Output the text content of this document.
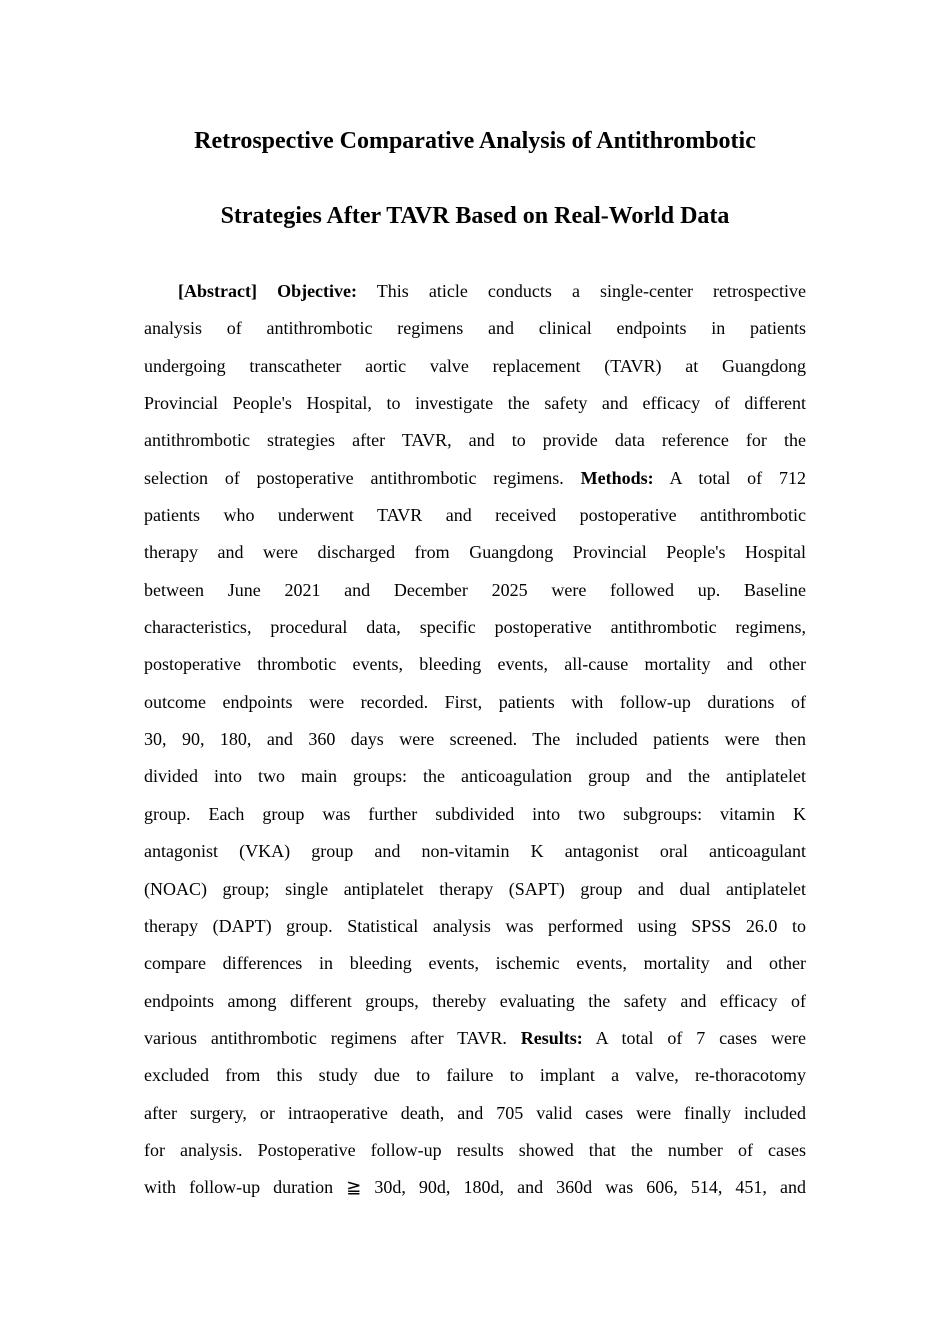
Retrospective Comparative Analysis of Antithrombotic
Strategies After TAVR Based on Real-World Data
[Abstract] Objective: This aticle conducts a single-center retrospective
analysis of antithrombotic regimens and clinical endpoints in patients
undergoing transcatheter aortic valve replacement (TAVR) at Guangdong
Provincial People's Hospital, to investigate the safety and efficacy of different
antithrombotic strategies after TAVR, and to provide data reference for the
selection of postoperative antithrombotic regimens. Methods: A total of 712
patients who underwent TAVR and received postoperative antithrombotic
therapy and were discharged from Guangdong Provincial People's Hospital
between June 2021 and December 2025 were followed up. Baseline
characteristics, procedural data, specific postoperative antithrombotic regimens,
postoperative thrombotic events, bleeding events, all-cause mortality and other
outcome endpoints were recorded. First, patients with follow-up durations of
30, 90, 180, and 360 days were screened. The included patients were then
divided into two main groups: the anticoagulation group and the antiplatelet
group. Each group was further subdivided into two subgroups: vitamin K
antagonist (VKA) group and non-vitamin K antagonist oral anticoagulant
(NOAC) group; single antiplatelet therapy (SAPT) group and dual antiplatelet
therapy (DAPT) group. Statistical analysis was performed using SPSS 26.0 to
compare differences in bleeding events, ischemic events, mortality and other
endpoints among different groups, thereby evaluating the safety and efficacy of
various antithrombotic regimens after TAVR. Results: A total of 7 cases were
excluded from this study due to failure to implant a valve, re-thoracotomy
after surgery, or intraoperative death, and 705 valid cases were finally included
for analysis. Postoperative follow-up results showed that the number of cases
with follow-up duration ≧ 30d, 90d, 180d, and 360d was 606, 514, 451, and
